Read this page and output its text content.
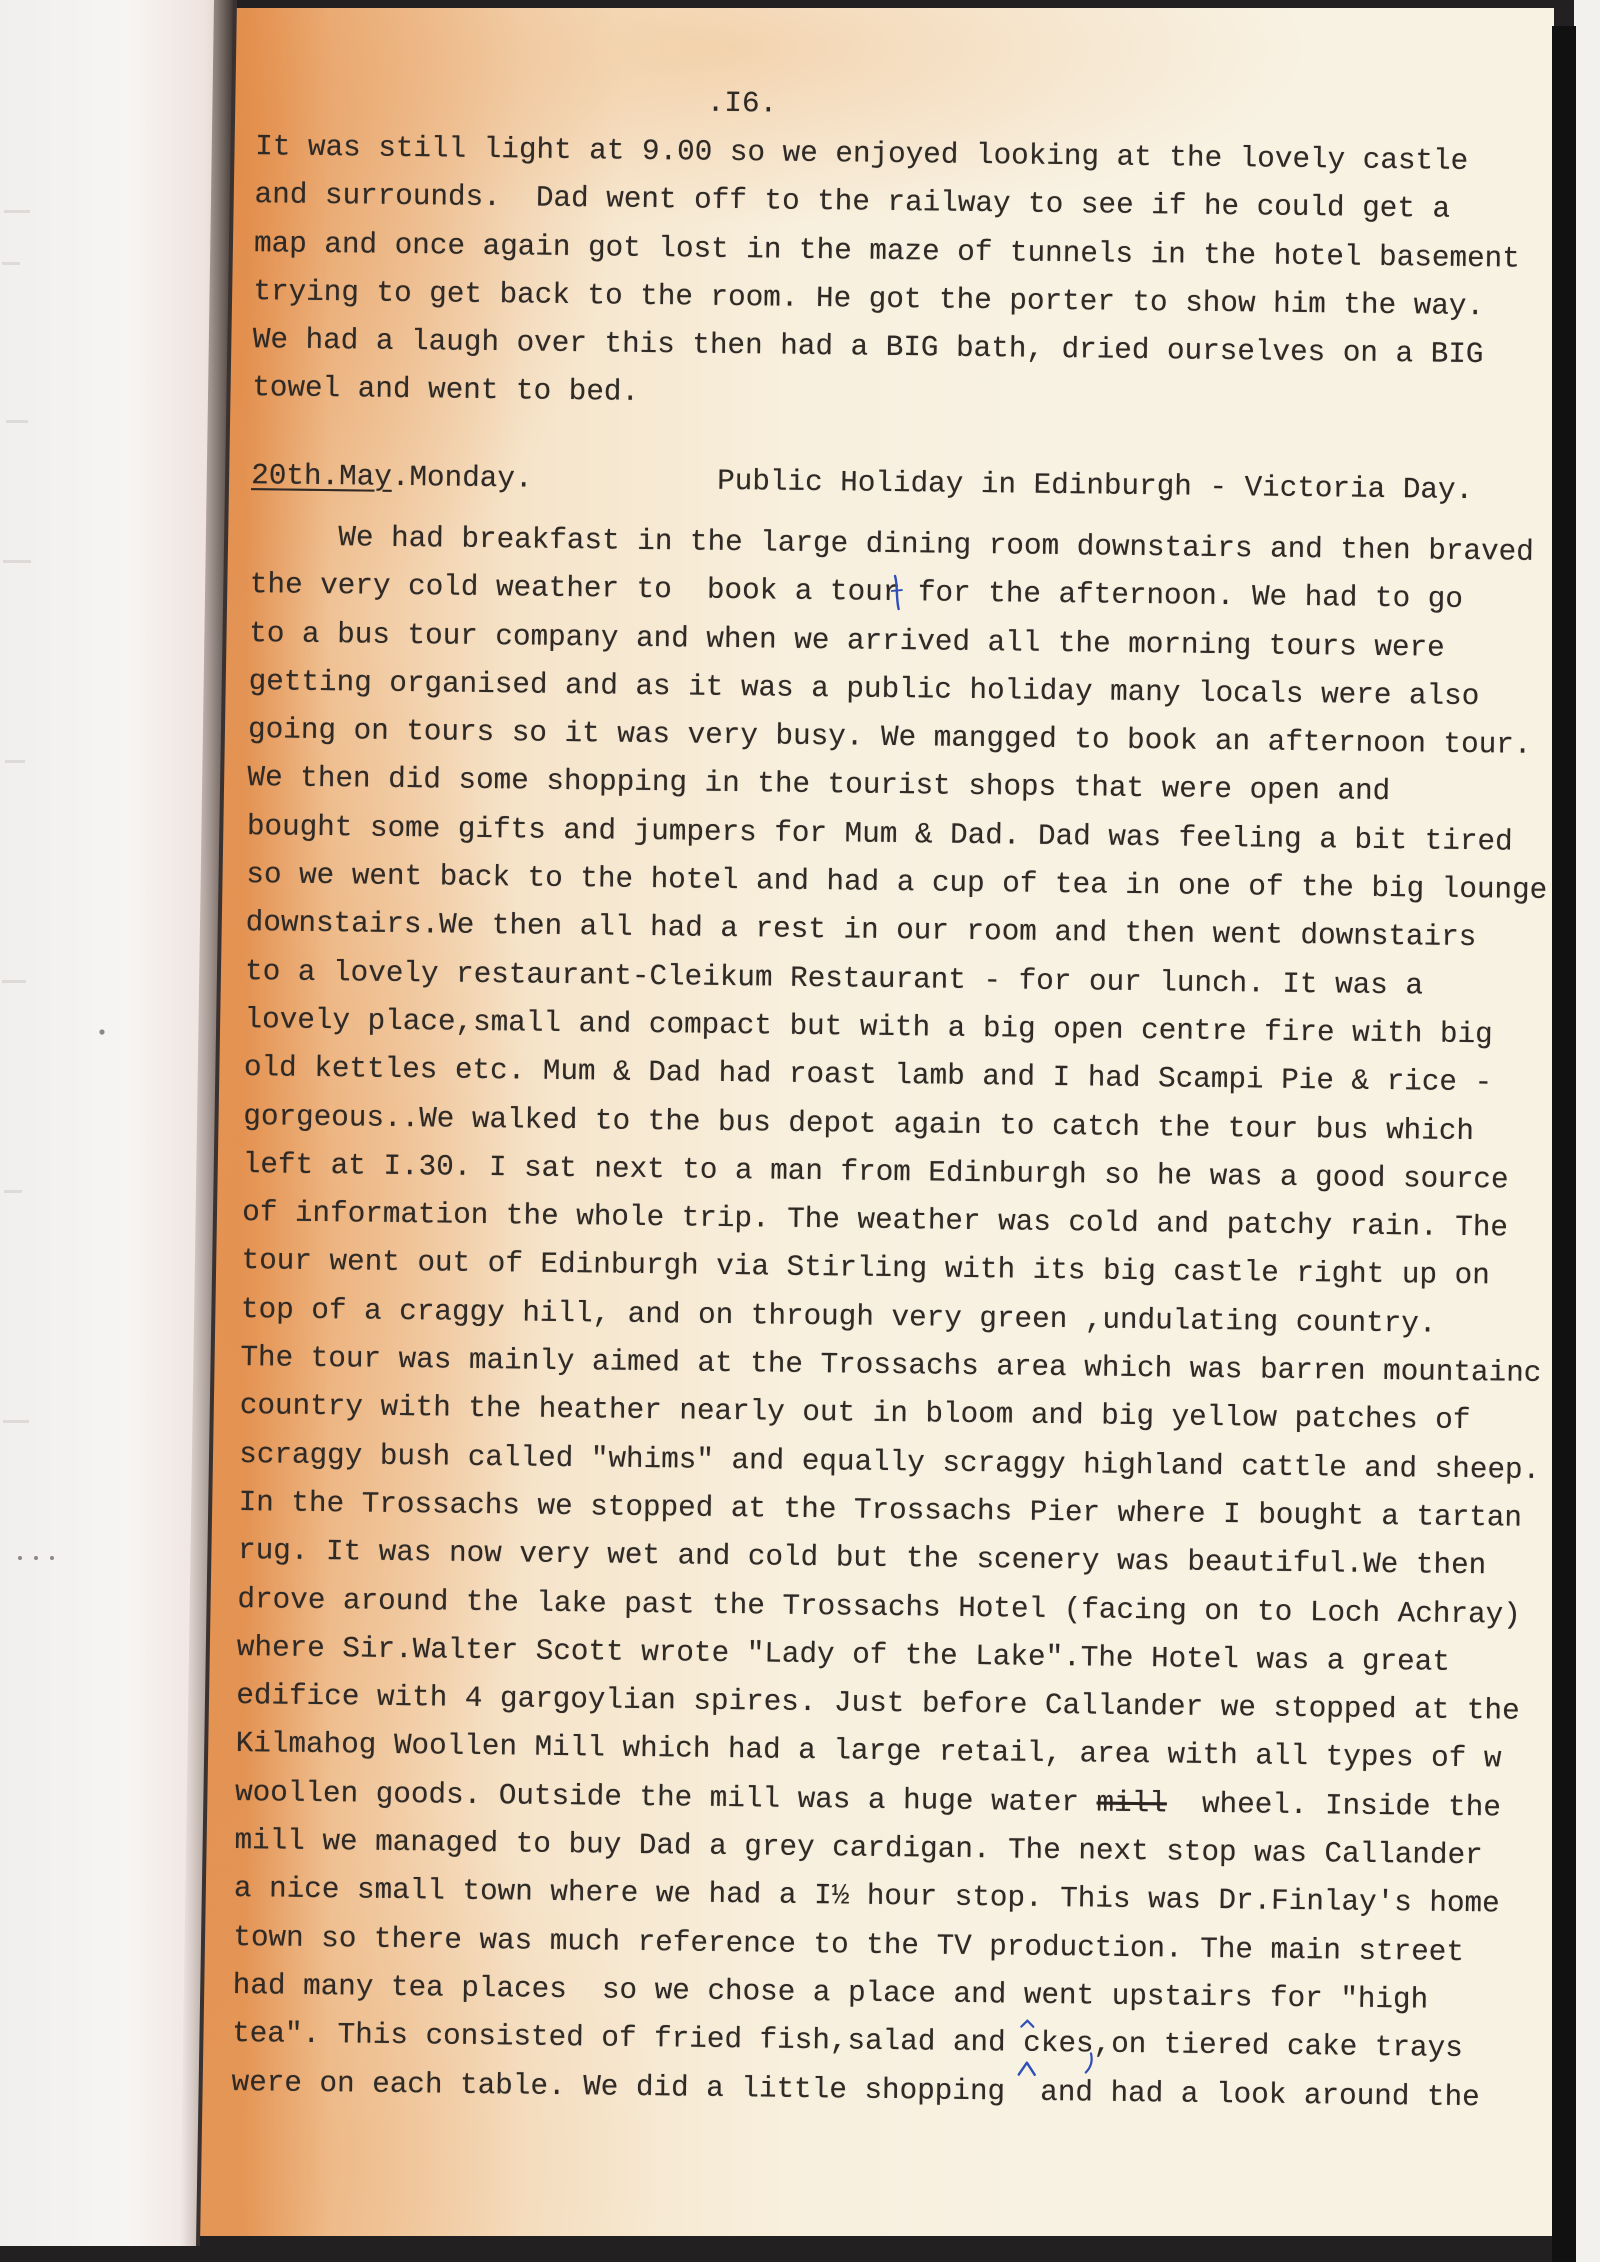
.I6.
It was still light at 9.00 so we enjoyed looking at the lovely castle
and surrounds.  Dad went off to the railway to see if he could get a
map and once again got lost in the maze of tunnels in the hotel basement
trying to get back to the room. He got the porter to show him the way.
We had a laugh over this then had a BIG bath, dried ourselves on a BIG
towel and went to bed.
20th.May.Monday.	Public Holiday in Edinburgh - Victoria Day.
We had breakfast in the large dining room downstairs and then braved
the very cold weather to  book a tour for the afternoon. We had to go
to a bus tour company and when we arrived all the morning tours were
getting organised and as it was a public holiday many locals were also
going on tours so it was very busy. We mangged to book an afternoon tour.
We then did some shopping in the tourist shops that were open and
bought some gifts and jumpers for Mum & Dad. Dad was feeling a bit tired
so we went back to the hotel and had a cup of tea in one of the big lounge
downstairs.We then all had a rest in our room and then went downstairs
to a lovely restaurant-Cleikum Restaurant - for our lunch. It was a
lovely place,small and compact but with a big open centre fire with big
old kettles etc. Mum & Dad had roast lamb and I had Scampi Pie & rice -
gorgeous..We walked to the bus depot again to catch the tour bus which
left at I.30. I sat next to a man from Edinburgh so he was a good source
of information the whole trip. The weather was cold and patchy rain. The
tour went out of Edinburgh via Stirling with its big castle right up on
top of a craggy hill, and on through very green ,undulating country.
The tour was mainly aimed at the Trossachs area which was barren mountainc
country with the heather nearly out in bloom and big yellow patches of
scraggy bush called "whims" and equally scraggy highland cattle and sheep.
In the Trossachs we stopped at the Trossachs Pier where I bought a tartan
rug. It was now very wet and cold but the scenery was beautiful.We then
drove around the lake past the Trossachs Hotel (facing on to Loch Achray)
where Sir.Walter Scott wrote "Lady of the Lake".The Hotel was a great
edifice with 4 gargoylian spires. Just before Callander we stopped at the
Kilmahog Woollen Mill which had a large retail, area with all types of w
woollen goods. Outside the mill was a huge water mill  wheel. Inside the
mill we managed to buy Dad a grey cardigan. The next stop was Callander
a nice small town where we had a I½ hour stop. This was Dr.Finlay's home
town so there was much reference to the TV production. The main street
had many tea places  so we chose a place and went upstairs for "high
tea". This consisted of fried fish,salad and ckes,on tiered cake trays
were on each table. We did a little shopping  and had a look around the
